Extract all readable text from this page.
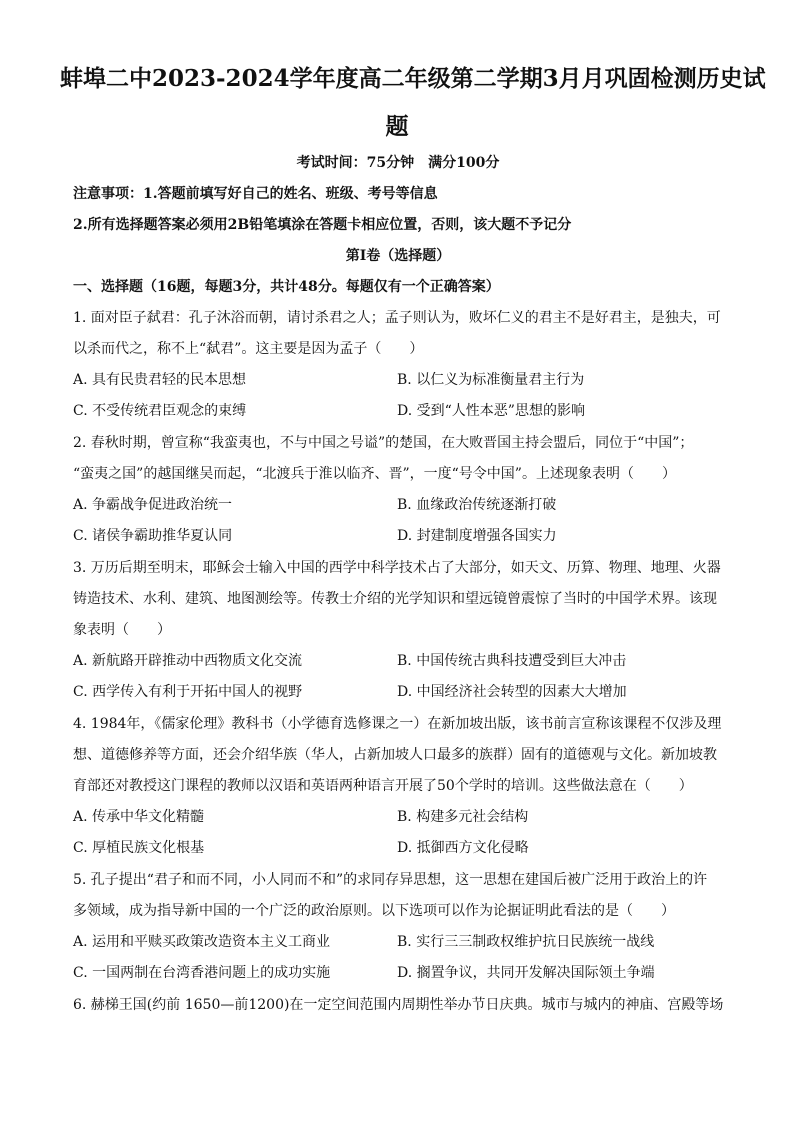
蚌埠二中2023-2024学年度高二年级第二学期3月月巩固检测历史试
题
考试时间：75分钟　满分100分
注意事项：1.答题前填写好自己的姓名、班级、考号等信息
2.所有选择题答案必须用2B铅笔填涂在答题卡相应位置，否则，该大题不予记分
第Ⅰ卷（选择题）
一、选择题（16题，每题3分，共计48分。每题仅有一个正确答案）
1. 面对臣子弑君：孔子沐浴而朝，请讨杀君之人；孟子则认为，败坏仁义的君主不是好君主，是独夫，可
以杀而代之，称不上“弑君”。这主要是因为孟子（　　）
A. 具有民贵君轻的民本思想	B. 以仁义为标准衡量君主行为
C. 不受传统君臣观念的束缚	D. 受到“人性本恶”思想的影响
2. 春秋时期，曾宣称“我蛮夷也，不与中国之号谥”的楚国，在大败晋国主持会盟后，同位于“中国”；
“蛮夷之国”的越国继吴而起，“北渡兵于淮以临齐、晋”，一度“号令中国”。上述现象表明（　　）
A. 争霸战争促进政治统一	B. 血缘政治传统逐渐打破
C. 诸侯争霸助推华夏认同	D. 封建制度增强各国实力
3. 万历后期至明末，耶稣会士输入中国的西学中科学技术占了大部分，如天文、历算、物理、地理、火器
铸造技术、水利、建筑、地图测绘等。传教士介绍的光学知识和望远镜曾震惊了当时的中国学术界。该现
象表明（　　）
A. 新航路开辟推动中西物质文化交流	B. 中国传统古典科技遭受到巨大冲击
C. 西学传入有利于开拓中国人的视野	D. 中国经济社会转型的因素大大增加
4. 1984年，《儒家伦理》教科书（小学德育选修课之一）在新加坡出版，该书前言宣称该课程不仅涉及理
想、道德修养等方面，还会介绍华族（华人，占新加坡人口最多的族群）固有的道德观与文化。新加坡教
育部还对教授这门课程的教师以汉语和英语两种语言开展了50个学时的培训。这些做法意在（　　）
A. 传承中华文化精髓	B. 构建多元社会结构
C. 厚植民族文化根基	D. 抵御西方文化侵略
5. 孔子提出“君子和而不同，小人同而不和”的求同存异思想，这一思想在建国后被广泛用于政治上的许
多领域，成为指导新中国的一个广泛的政治原则。以下选项可以作为论据证明此看法的是（　　）
A. 运用和平赎买政策改造资本主义工商业	B. 实行三三制政权维护抗日民族统一战线
C. 一国两制在台湾香港问题上的成功实施	D. 搁置争议，共同开发解决国际领土争端
6. 赫梯王国(约前 1650—前1200)在一定空间范围内周期性举办节日庆典。城市与城内的神庙、宫殿等场
